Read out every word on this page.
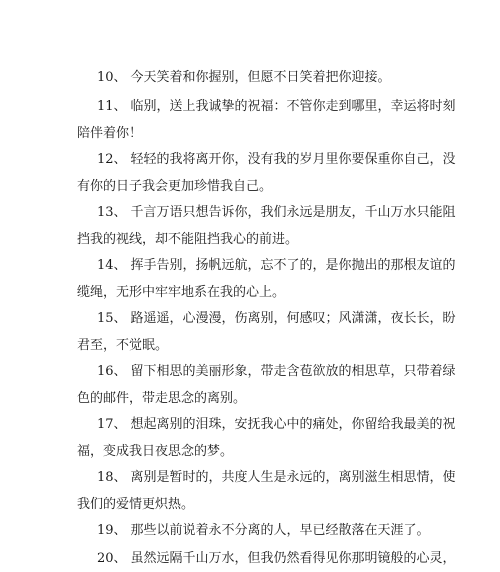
10、 今天笑着和你握别，但愿不日笑着把你迎接。
11、 临别，送上我诚挚的祝福：不管你走到哪里，幸运将时刻
陪伴着你！
12、 轻轻的我将离开你，没有我的岁月里你要保重你自己，没
有你的日子我会更加珍惜我自己。
13、 千言万语只想告诉你，我们永远是朋友，千山万水只能阻
挡我的视线，却不能阻挡我心的前进。
14、 挥手告别，扬帆远航，忘不了的，是你抛出的那根友谊的
缆绳，无形中牢牢地系在我的心上。
15、 路遥遥，心漫漫，伤离别，何感叹；风潇潇，夜长长，盼
君至，不觉眠。
16、 留下相思的美丽形象，带走含苞欲放的相思草，只带着绿
色的邮件，带走思念的离别。
17、 想起离别的泪珠，安抚我心中的痛处，你留给我最美的祝
福，变成我日夜思念的梦。
18、 离别是暂时的，共度人生是永远的，离别滋生相思情，使
我们的爱情更炽热。
19、 那些以前说着永不分离的人，早已经散落在天涯了。
20、 虽然远隔千山万水，但我仍然看得见你那明镜般的心灵，
